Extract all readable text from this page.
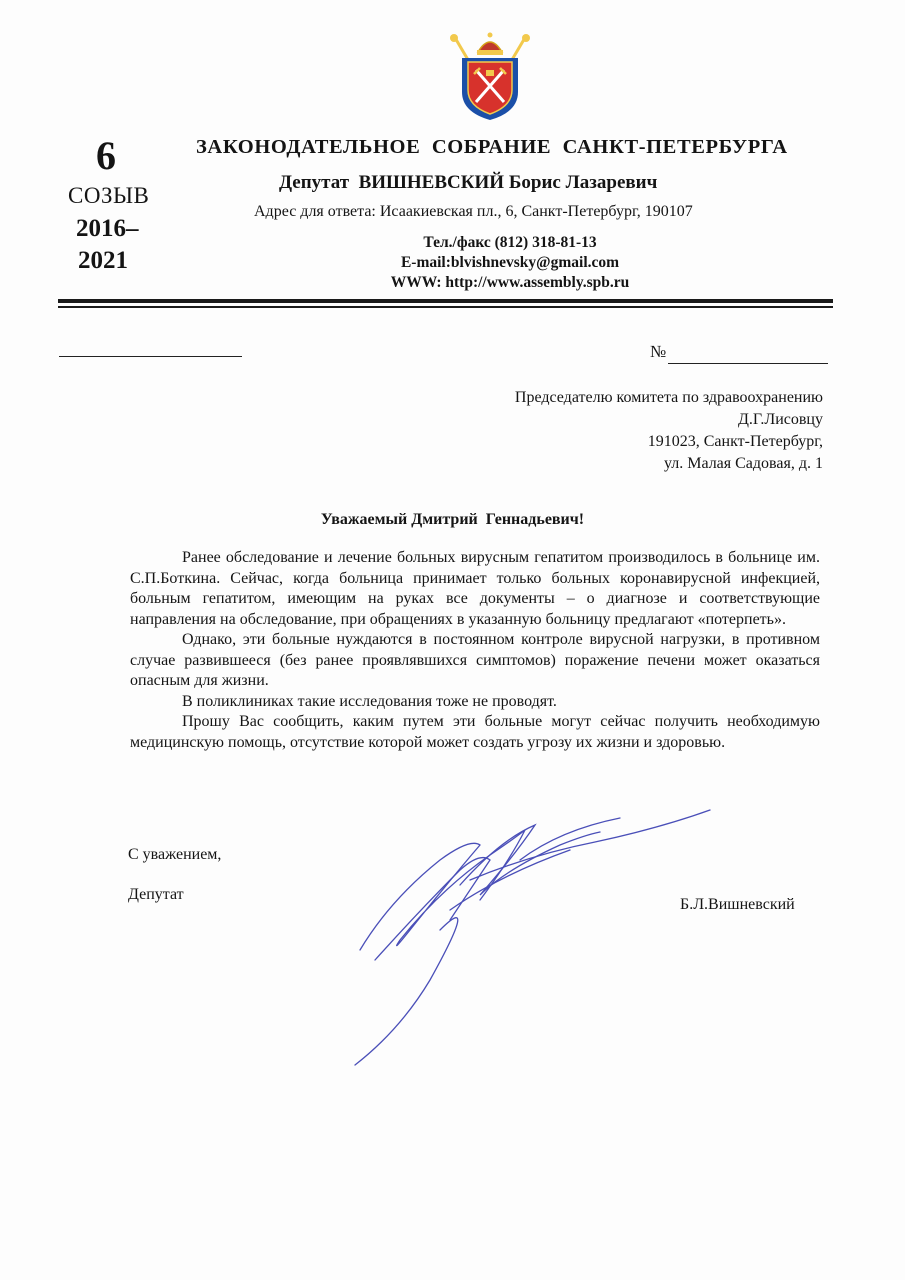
6
СОЗЫВ
2016–
2021
ЗАКОНОДАТЕЛЬНОЕ  СОБРАНИЕ  САНКТ-ПЕТЕРБУРГА
Депутат  ВИШНЕВСКИЙ Борис Лазаревич
Адрес для ответа: Исаакиевская пл., 6, Санкт-Петербург, 190107
Тел./факс (812) 318-81-13
E-mail:blvishnevsky@gmail.com
WWW: http://www.assembly.spb.ru
№
Председателю комитета по здравоохранению
Д.Г.Лисовцу
191023, Санкт-Петербург,
ул. Малая Садовая, д. 1
Уважаемый Дмитрий  Геннадьевич!

Ранее обследование и лечение больных вирусным гепатитом производилось в больнице им. С.П.Боткина. Сейчас, когда больница принимает только больных коронавирусной инфекцией, больным гепатитом, имеющим на руках все документы – о диагнозе и соответствующие направления на обследование, при обращениях в указанную больницу предлагают «потерпеть».

Однако, эти больные нуждаются в постоянном контроле вирусной нагрузки, в противном случае развившееся (без ранее проявлявшихся симптомов) поражение печени может оказаться опасным для жизни.

В поликлиниках такие исследования тоже не проводят.

Прошу Вас сообщить, каким путем эти больные могут сейчас получить необходимую медицинскую помощь, отсутствие которой может создать угрозу их жизни и здоровью.

С уважением,
Депутат
Б.Л.Вишневский
